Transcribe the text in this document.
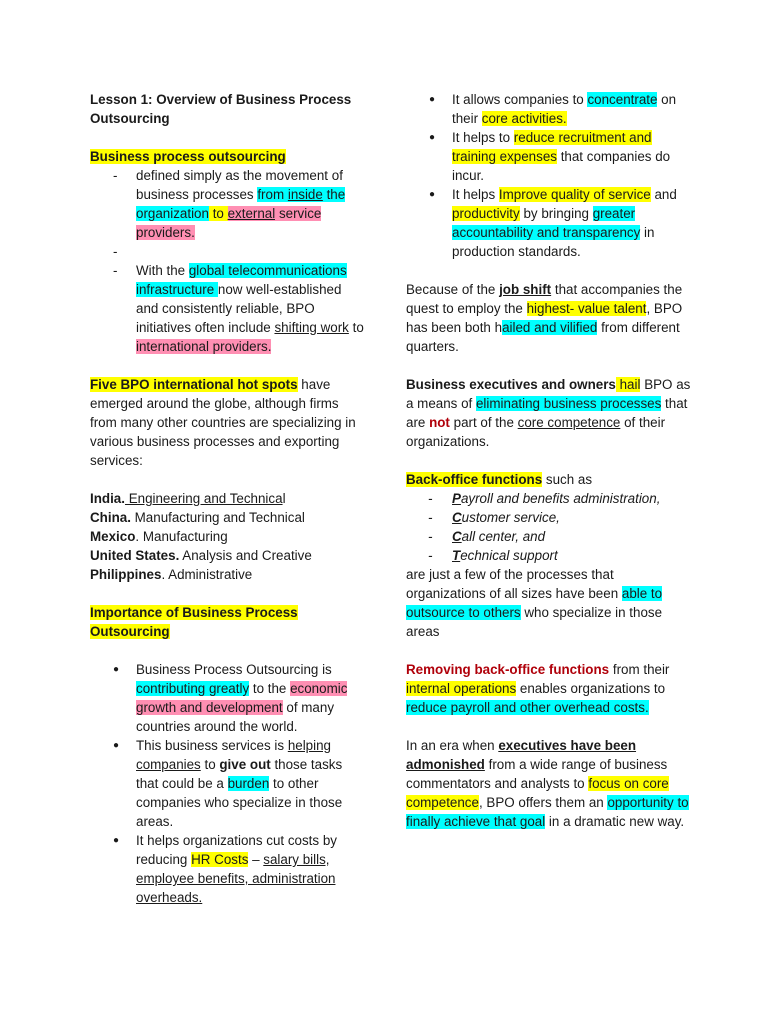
Lesson 1: Overview of Business Process
Outsourcing

Business process outsourcing

- defined simply as the movement of business processes from inside the organization to external service providers.
-
- With the global telecommunications infrastructure now well-established and consistently reliable, BPO initiatives often include shifting work to international providers.

Five BPO international hot spots have emerged around the globe, although firms from many other countries are specializing in various business processes and exporting services:

India. Engineering and Technical

China. Manufacturing and Technical

Mexico. Manufacturing

United States. Analysis and Creative

Philippines. Administrative

Importance of Business Process
Outsourcing

● Business Process Outsourcing is contributing greatly to the economic growth and development of many countries around the world.
● This business services is helping companies to give out those tasks that could be a burden to other companies who specialize in those areas.
● It helps organizations cut costs by reducing HR Costs – salary bills, employee benefits, administration overheads.
● It allows companies to concentrate on their core activities.
● It helps to reduce recruitment and training expenses that companies do incur.
● It helps Improve quality of service and productivity by bringing greater accountability and transparency in production standards.

Because of the job shift that accompanies the quest to employ the highest- value talent, BPO has been both hailed and vilified from different quarters.

Business executives and owners hail BPO as a means of eliminating business processes that are not part of the core competence of their organizations.

Back-office functions such as

- Payroll and benefits administration,
- Customer service,
- Call center, and
- Technical support

are just a few of the processes that organizations of all sizes have been able to outsource to others who specialize in those areas

Removing back-office functions from their internal operations enables organizations to reduce payroll and other overhead costs.

In an era when executives have been admonished from a wide range of business commentators and analysts to focus on core competence, BPO offers them an opportunity to finally achieve that goal in a dramatic new way.
